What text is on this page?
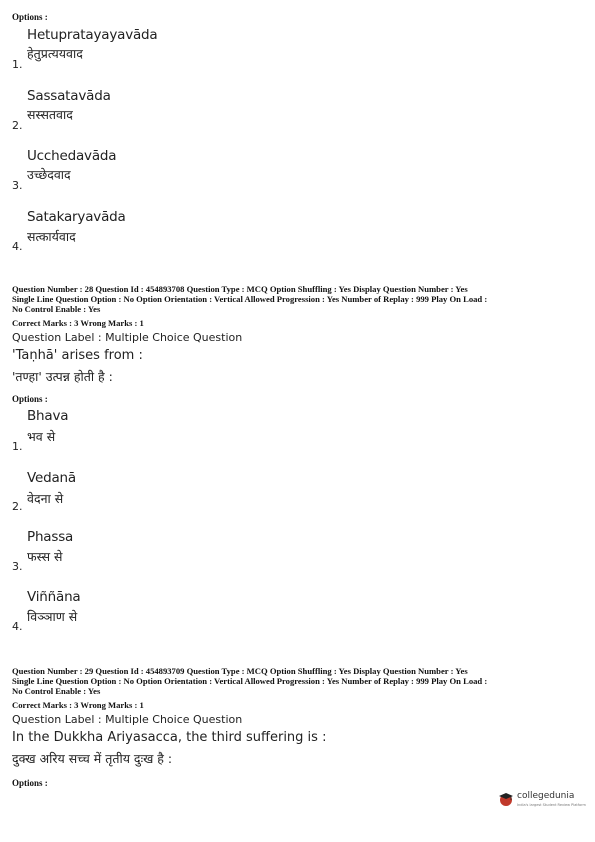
Options :
Hetupratayayavāda
हेतुप्रत्ययवाद
1.
Sassatavāda
सस्सतवाद
2.
Ucchedavāda
उच्छेदवाद
3.
Satakaryavāda
सत्कार्यवाद
4.
Question Number : 28 Question Id : 454893708 Question Type : MCQ Option Shuffling : Yes Display Question Number : Yes
Single Line Question Option : No Option Orientation : Vertical Allowed Progression : Yes Number of Replay : 999 Play On Load :
No Control Enable : Yes
Correct Marks : 3 Wrong Marks : 1
Question Label : Multiple Choice Question
'Taṇhā' arises from :
'तण्हा' उत्पन्न होती है :
Options :
Bhava
भव से
1.
Vedanā
वेदना से
2.
Phassa
फस्स से
3.
Viññāna
विञ्ञाण से
4.
Question Number : 29 Question Id : 454893709 Question Type : MCQ Option Shuffling : Yes Display Question Number : Yes
Single Line Question Option : No Option Orientation : Vertical Allowed Progression : Yes Number of Replay : 999 Play On Load :
No Control Enable : Yes
Correct Marks : 3 Wrong Marks : 1
Question Label : Multiple Choice Question
In the Dukkha Ariyasacca, the third suffering is :
दुक्ख अरिय सच्च में तृतीय दुःख है :
Options :
collegedunia
India's largest Student Review Platform
